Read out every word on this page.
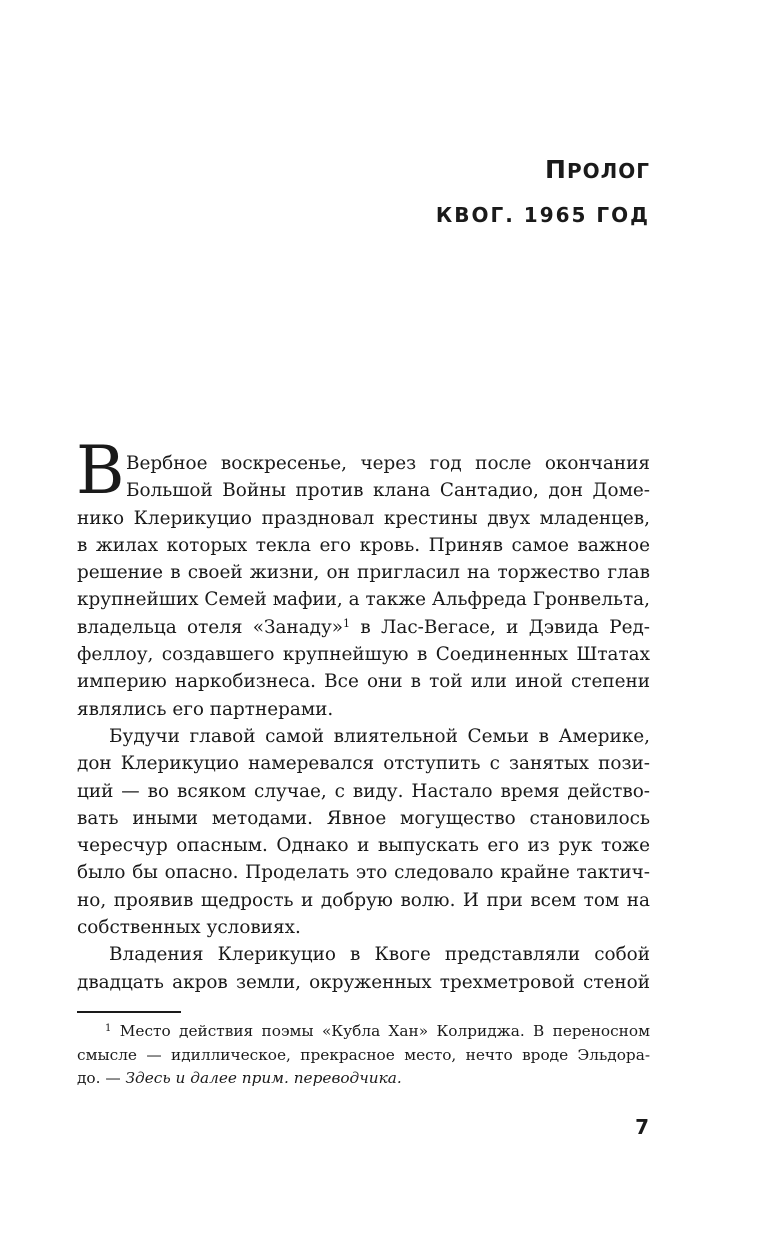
ПРОЛОГ
КВОГ. 1965 ГОД
В Вербное воскресенье, через год после окончания
Большой Войны против клана Сантадио, дон Доме-
нико Клерикуцио праздновал крестины двух младенцев,
в жилах которых текла его кровь. Приняв самое важное
решение в своей жизни, он пригласил на торжество глав
крупнейших Семей мафии, а также Альфреда Гронвельта,
владельца отеля «Занаду»$^1$ в Лас-Вегасе, и Дэвида Ред-
феллоу, создавшего крупнейшую в Соединенных Штатах
империю наркобизнеса. Все они в той или иной степени
являлись его партнерами.

Будучи главой самой влиятельной Семьи в Америке,
дон Клерикуцио намеревался отступить с занятых пози-
ций — во всяком случае, с виду. Настало время действо-
вать иными методами. Явное могущество становилось
чересчур опасным. Однако и выпускать его из рук тоже
было бы опасно. Проделать это следовало крайне тактич-
но, проявив щедрость и добрую волю. И при всем том на
собственных условиях.

Владения Клерикуцио в Квоге представляли собой
двадцать акров земли, окруженных трехметровой стеной

$^1$ Место действия поэмы «Кубла Хан» Колриджа. В переносном
смысле — идиллическое, прекрасное место, нечто вроде Эльдора-
до. — Здесь и далее прим. переводчика.
7
